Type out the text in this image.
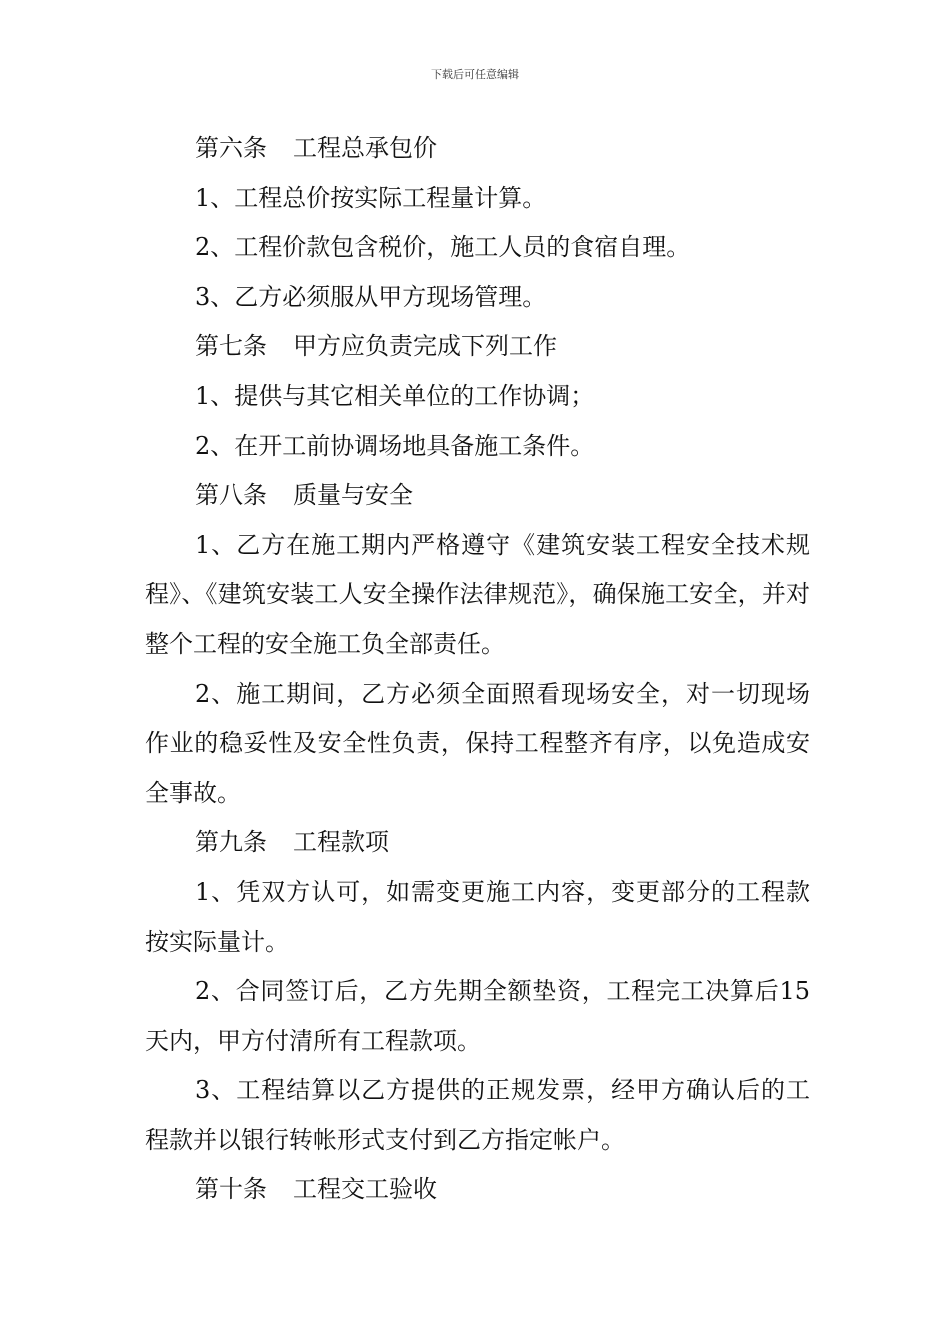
下载后可任意编辑

第六条 工程总承包价

1、工程总价按实际工程量计算。

2、工程价款包含税价，施工人员的食宿自理。

3、乙方必须服从甲方现场管理。

第七条 甲方应负责完成下列工作

1、提供与其它相关单位的工作协调；

2、在开工前协调场地具备施工条件。

第八条 质量与安全

1、乙方在施工期内严格遵守《建筑安装工程安全技术规程》、《建筑安装工人安全操作法律规范》，确保施工安全，并对整个工程的安全施工负全部责任。

2、施工期间，乙方必须全面照看现场安全，对一切现场作业的稳妥性及安全性负责，保持工程整齐有序，以免造成安全事故。

第九条 工程款项

1、凭双方认可，如需变更施工内容，变更部分的工程款按实际量计。

2、合同签订后，乙方先期全额垫资，工程完工决算后15天内，甲方付清所有工程款项。

3、工程结算以乙方提供的正规发票，经甲方确认后的工程款并以银行转帐形式支付到乙方指定帐户。

第十条 工程交工验收
